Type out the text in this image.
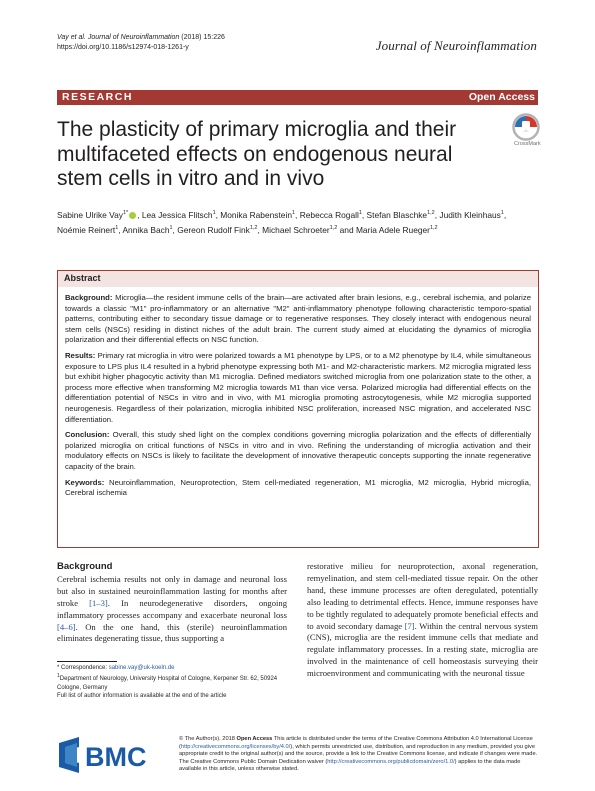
Vay et al. Journal of Neuroinflammation (2018) 15:226
https://doi.org/10.1186/s12974-018-1261-y	Journal of Neuroinflammation
RESEARCH	Open Access
The plasticity of primary microglia and their multifaceted effects on endogenous neural stem cells in vitro and in vivo
CrossMark
Sabine Ulrike Vay$^{1*}$ , Lea Jessica Flitsch$^1$, Monika Rabenstein$^1$, Rebecca Rogall$^1$, Stefan Blaschke$^{1,2}$, Judith Kleinhaus$^1$, Noémie Reinert$^1$, Annika Bach$^1$, Gereon Rudolf Fink$^{1,2}$, Michael Schroeter$^{1,2}$ and Maria Adele Rueger$^{1,2}$
Abstract

Background: Microglia—the resident immune cells of the brain—are activated after brain lesions, e.g., cerebral ischemia, and polarize towards a classic "M1" pro-inflammatory or an alternative "M2" anti-inflammatory phenotype following characteristic temporo-spatial patterns, contributing either to secondary tissue damage or to regenerative responses. They closely interact with endogenous neural stem cells (NSCs) residing in distinct niches of the adult brain. The current study aimed at elucidating the dynamics of microglia polarization and their differential effects on NSC function.

Results: Primary rat microglia in vitro were polarized towards a M1 phenotype by LPS, or to a M2 phenotype by IL4, while simultaneous exposure to LPS plus IL4 resulted in a hybrid phenotype expressing both M1- and M2-characteristic markers. M2 microglia migrated less but exhibit higher phagocytic activity than M1 microglia. Defined mediators switched microglia from one polarization state to the other, a process more effective when transforming M2 microglia towards M1 than vice versa. Polarized microglia had differential effects on the differentiation potential of NSCs in vitro and in vivo, with M1 microglia promoting astrocytogenesis, while M2 microglia supported neurogenesis. Regardless of their polarization, microglia inhibited NSC proliferation, increased NSC migration, and accelerated NSC differentiation.

Conclusion: Overall, this study shed light on the complex conditions governing microglia polarization and the effects of differentially polarized microglia on critical functions of NSCs in vitro and in vivo. Refining the understanding of microglia activation and their modulatory effects on NSCs is likely to facilitate the development of innovative therapeutic concepts supporting the innate regenerative capacity of the brain.

Keywords: Neuroinflammation, Neuroprotection, Stem cell-mediated regeneration, M1 microglia, M2 microglia, Hybrid microglia, Cerebral ischemia

Background
Cerebral ischemia results not only in damage and neuronal loss but also in sustained neuroinflammation lasting for months after stroke [1–3]. In neurodegenerative disorders, ongoing inflammatory processes accompany and exacerbate neuronal loss [4–6]. On the one hand, this (sterile) neuroinflammation eliminates degenerating tissue, thus supporting a
restorative milieu for neuroprotection, axonal regeneration, remyelination, and stem cell-mediated tissue repair. On the other hand, these immune processes are often deregulated, potentially also leading to detrimental effects. Hence, immune responses have to be tightly regulated to adequately promote beneficial effects and to avoid secondary damage [7]. Within the central nervous system (CNS), microglia are the resident immune cells that mediate and regulate inflammatory processes. In a resting state, microglia are involved in the maintenance of cell homeostasis surveying their microenvironment and communicating with the neuronal tissue
* Correspondence: sabine.vay@uk-koeln.de
$^1$Department of Neurology, University Hospital of Cologne, Kerpener Str. 62, 50924 Cologne, Germany
Full list of author information is available at the end of the article
BMC
© The Author(s). 2018 Open Access This article is distributed under the terms of the Creative Commons Attribution 4.0 International License (http://creativecommons.org/licenses/by/4.0/), which permits unrestricted use, distribution, and reproduction in any medium, provided you give appropriate credit to the original author(s) and the source, provide a link to the Creative Commons license, and indicate if changes were made. The Creative Commons Public Domain Dedication waiver (http://creativecommons.org/publicdomain/zero/1.0/) applies to the data made available in this article, unless otherwise stated.
